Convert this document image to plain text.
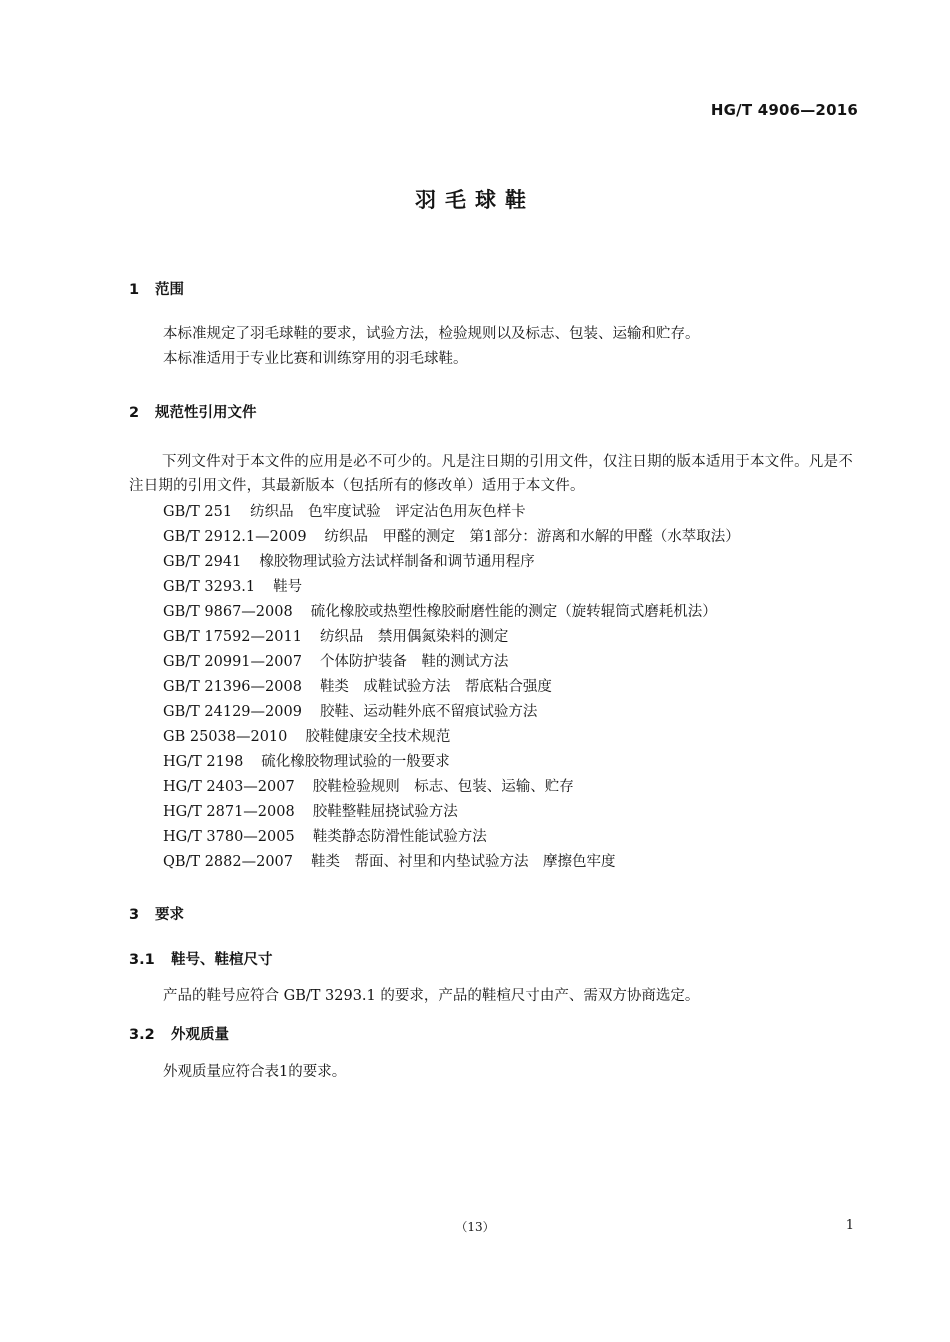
HG/T 4906—2016
羽毛球鞋
1 范围
本标准规定了羽毛球鞋的要求，试验方法，检验规则以及标志、包装、运输和贮存。
本标准适用于专业比赛和训练穿用的羽毛球鞋。
2 规范性引用文件
下列文件对于本文件的应用是必不可少的。凡是注日期的引用文件，仅注日期的版本适用于本文件。凡是不注日期的引用文件，其最新版本（包括所有的修改单）适用于本文件。
GB/T 251 纺织品　色牢度试验　评定沾色用灰色样卡
GB/T 2912.1—2009 纺织品　甲醛的测定　第1部分：游离和水解的甲醛（水萃取法）
GB/T 2941 橡胶物理试验方法试样制备和调节通用程序
GB/T 3293.1 鞋号
GB/T 9867—2008 硫化橡胶或热塑性橡胶耐磨性能的测定（旋转辊筒式磨耗机法）
GB/T 17592—2011 纺织品　禁用偶氮染料的测定
GB/T 20991—2007 个体防护装备　鞋的测试方法
GB/T 21396—2008 鞋类　成鞋试验方法　帮底粘合强度
GB/T 24129—2009 胶鞋、运动鞋外底不留痕试验方法
GB 25038—2010 胶鞋健康安全技术规范
HG/T 2198 硫化橡胶物理试验的一般要求
HG/T 2403—2007 胶鞋检验规则　标志、包装、运输、贮存
HG/T 2871—2008 胶鞋整鞋屈挠试验方法
HG/T 3780—2005 鞋类静态防滑性能试验方法
QB/T 2882—2007 鞋类　帮面、衬里和内垫试验方法　摩擦色牢度
3 要求
3.1 鞋号、鞋楦尺寸
产品的鞋号应符合 GB/T 3293.1 的要求，产品的鞋楦尺寸由产、需双方协商选定。
3.2 外观质量
外观质量应符合表1的要求。
（13）	1
